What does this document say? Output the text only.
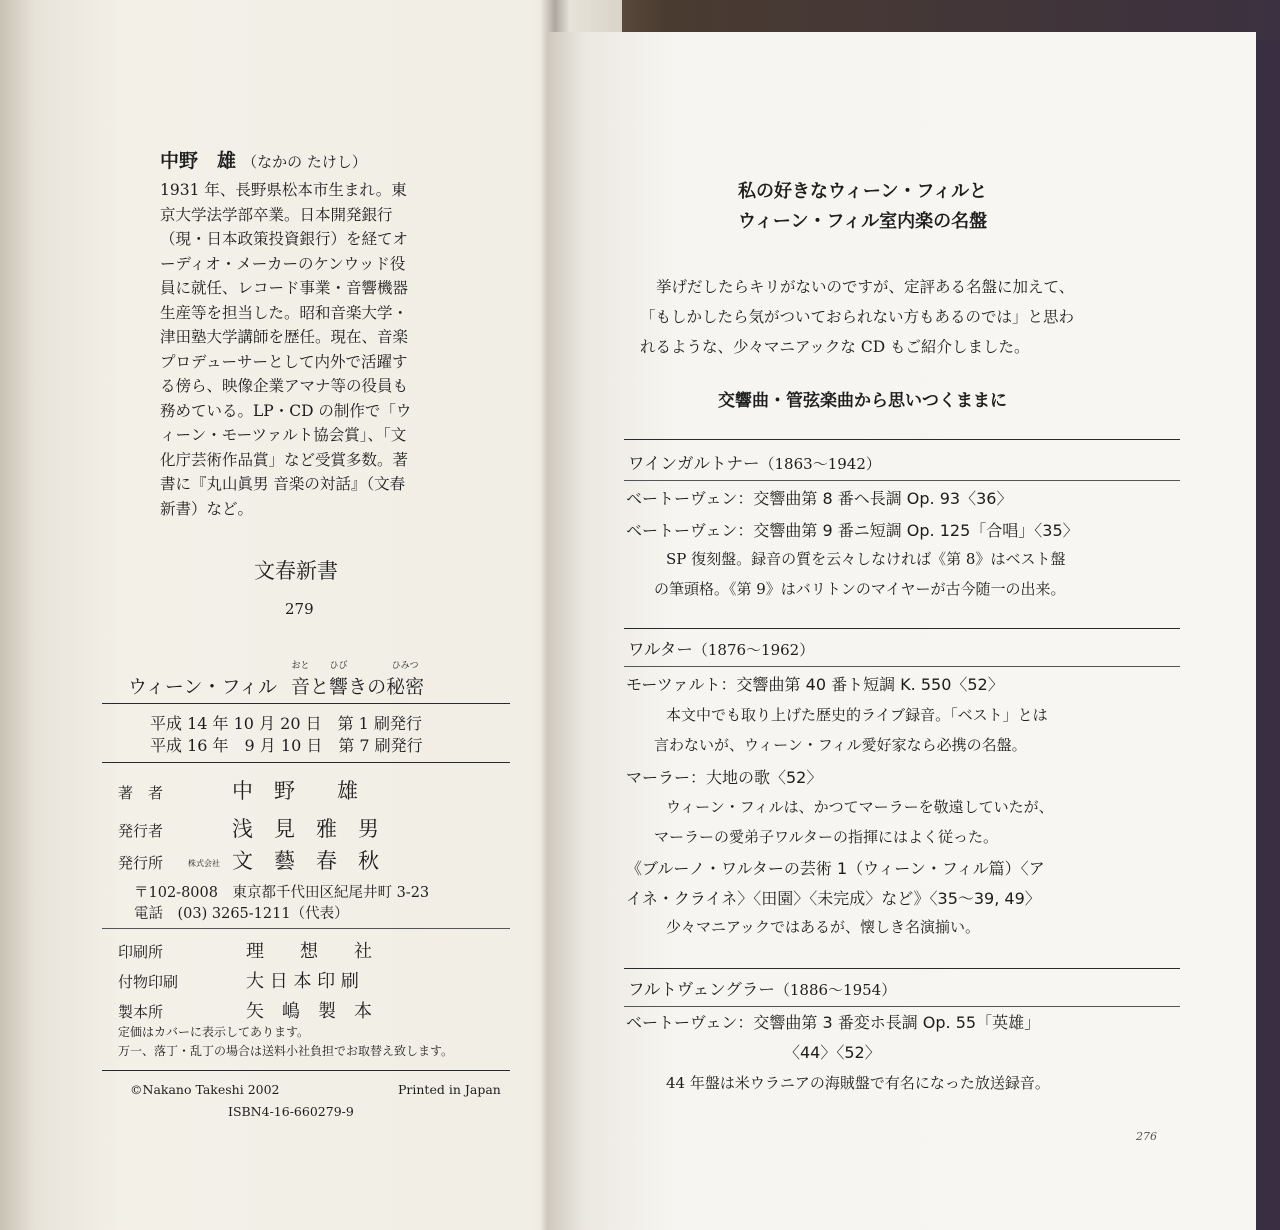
中野　雄 （なかの たけし）

1931 年、長野県松本市生まれ。東

京大学法学部卒業。日本開発銀行

（現・日本政策投資銀行）を経てオ

ーディオ・メーカーのケンウッド役

員に就任、レコード事業・音響機器

生産等を担当した。昭和音楽大学・

津田塾大学講師を歴任。現在、音楽

プロデューサーとして内外で活躍す

る傍ら、映像企業アマナ等の役員も

務めている。LP・CD の制作で「ウ

ィーン・モーツァルト協会賞」、「文

化庁芸術作品賞」など受賞多数。著

書に『丸山眞男 音楽の対話』（文春

新書）など。

文春新書
279
ウィーン・フィル
おと
音と
ひび
響きの
ひみつ
秘密
平成 14 年 10 月 20 日　第 1 刷発行
平成 16 年　9 月 10 日　第 7 刷発行
著　者	中　野　　雄
発行者	浅　見　雅　男
発行所	株式会社 文　藝　春　秋
〒102-8008　東京都千代田区紀尾井町 3-23
電話　(03) 3265-1211（代表）
印刷所	理　　想　　社
付物印刷	大 日 本 印 刷
製本所	矢　嶋　製　本
定価はカバーに表示してあります。
万一、落丁・乱丁の場合は送料小社負担でお取替え致します。
©Nakano Takeshi 2002	Printed in Japan
ISBN4-16-660279-9
私の好きなウィーン・フィルと
ウィーン・フィル室内楽の名盤
挙げだしたらキリがないのですが、定評ある名盤に加えて、
「もしかしたら気がついておられない方もあるのでは」と思わ
れるような、少々マニアックな CD もご紹介しました。
交響曲・管弦楽曲から思いつくままに
ワインガルトナー（1863〜1942）
ベートーヴェン：交響曲第 8 番ヘ長調 Op. 93〈36〉
ベートーヴェン：交響曲第 9 番ニ短調 Op. 125「合唱」〈35〉
SP 復刻盤。録音の質を云々しなければ《第 8》はベスト盤
の筆頭格。《第 9》はバリトンのマイヤーが古今随一の出来。
ワルター（1876〜1962）
モーツァルト：交響曲第 40 番ト短調 K. 550〈52〉
本文中でも取り上げた歴史的ライブ録音。「ベスト」とは
言わないが、ウィーン・フィル愛好家なら必携の名盤。
マーラー：大地の歌〈52〉
ウィーン・フィルは、かつてマーラーを敬遠していたが、
マーラーの愛弟子ワルターの指揮にはよく従った。
《ブルーノ・ワルターの芸術 1（ウィーン・フィル篇）〈ア
イネ・クライネ〉〈田園〉〈未完成〉など》〈35〜39, 49〉
少々マニアックではあるが、懐しき名演揃い。
フルトヴェングラー（1886〜1954）
ベートーヴェン：交響曲第 3 番変ホ長調 Op. 55「英雄」
〈44〉〈52〉
44 年盤は米ウラニアの海賊盤で有名になった放送録音。
276
